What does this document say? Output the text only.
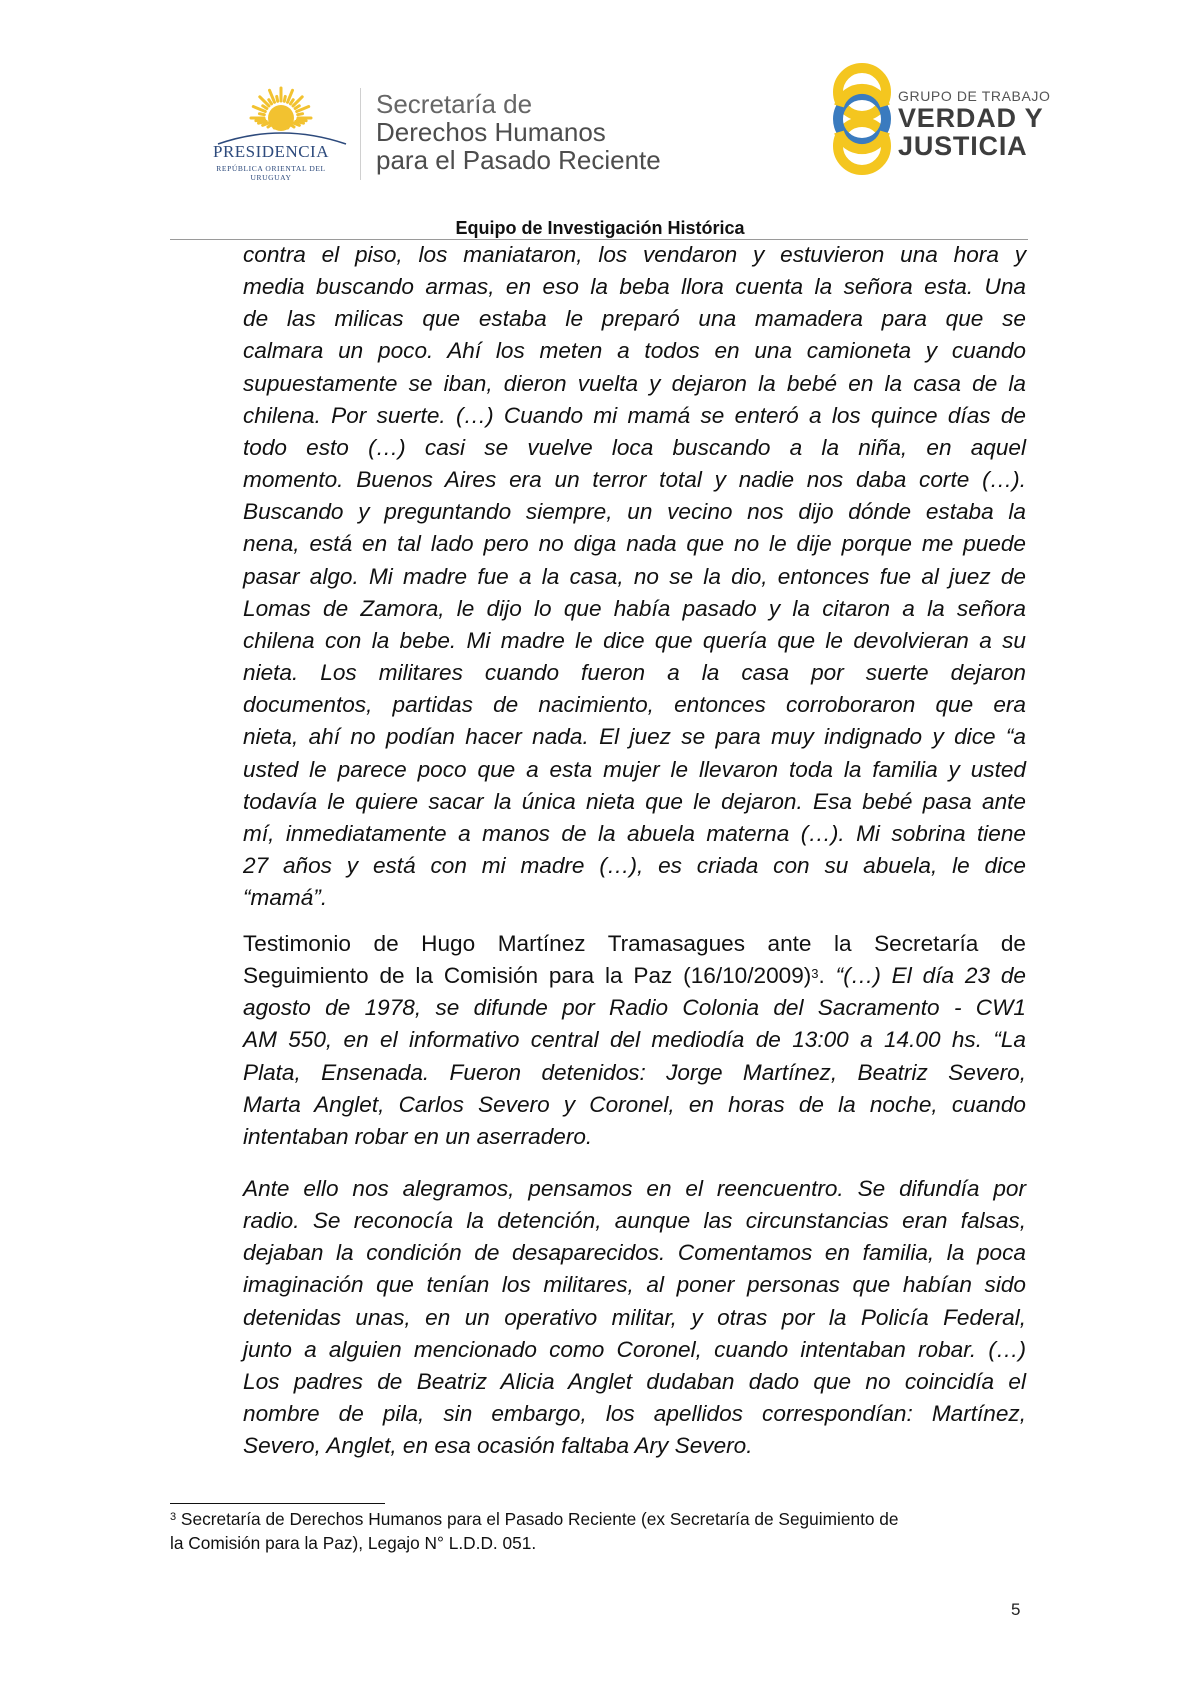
PRESIDENCIA
REPÚBLICA ORIENTAL DEL URUGUAY
Secretaría de
Derechos Humanos
para el Pasado Reciente
GRUPO DE TRABAJO
VERDAD Y
JUSTICIA
Equipo de Investigación Histórica
contra el piso, los maniataron, los vendaron y estuvieron una hora y
media buscando armas, en eso la beba llora cuenta la señora esta. Una
de las milicas que estaba le preparó una mamadera para que se
calmara un poco. Ahí los meten a todos en una camioneta y cuando
supuestamente se iban, dieron vuelta y dejaron la bebé en la casa de la
chilena. Por suerte. (…) Cuando mi mamá se enteró a los quince días de
todo esto (…) casi se vuelve loca buscando a la niña, en aquel
momento. Buenos Aires era un terror total y nadie nos daba corte (…).
Buscando y preguntando siempre, un vecino nos dijo dónde estaba la
nena, está en tal lado pero no diga nada que no le dije porque me puede
pasar algo. Mi madre fue a la casa, no se la dio, entonces fue al juez de
Lomas de Zamora, le dijo lo que había pasado y la citaron a la señora
chilena con la bebe. Mi madre le dice que quería que le devolvieran a su
nieta. Los militares cuando fueron a la casa por suerte dejaron
documentos, partidas de nacimiento, entonces corroboraron que era
nieta, ahí no podían hacer nada. El juez se para muy indignado y dice “a
usted le parece poco que a esta mujer le llevaron toda la familia y usted
todavía le quiere sacar la única nieta que le dejaron. Esa bebé pasa ante
mí, inmediatamente a manos de la abuela materna (…). Mi sobrina tiene
27 años y está con mi madre (…), es criada con su abuela, le dice
“mamá”.
Testimonio de Hugo Martínez Tramasagues ante la Secretaría de
Seguimiento de la Comisión para la Paz $(16/10/2009)^3$. “(…) El día 23 de
agosto de 1978, se difunde por Radio Colonia del Sacramento - CW1
AM 550, en el informativo central del mediodía de 13:00 a 14.00 hs. “La
Plata, Ensenada. Fueron detenidos: Jorge Martínez, Beatriz Severo,
Marta Anglet, Carlos Severo y Coronel, en horas de la noche, cuando
intentaban robar en un aserradero.
Ante ello nos alegramos, pensamos en el reencuentro. Se difundía por
radio. Se reconocía la detención, aunque las circunstancias eran falsas,
dejaban la condición de desaparecidos. Comentamos en familia, la poca
imaginación que tenían los militares, al poner personas que habían sido
detenidas unas, en un operativo militar, y otras por la Policía Federal,
junto a alguien mencionado como Coronel, cuando intentaban robar. (…)
Los padres de Beatriz Alicia Anglet dudaban dado que no coincidía el
nombre de pila, sin embargo, los apellidos correspondían: Martínez,
Severo, Anglet, en esa ocasión faltaba Ary Severo.
$^3$ Secretaría de Derechos Humanos para el Pasado Reciente (ex Secretaría de Seguimiento de
la Comisión para la Paz), Legajo N° L.D.D. 051.
5
